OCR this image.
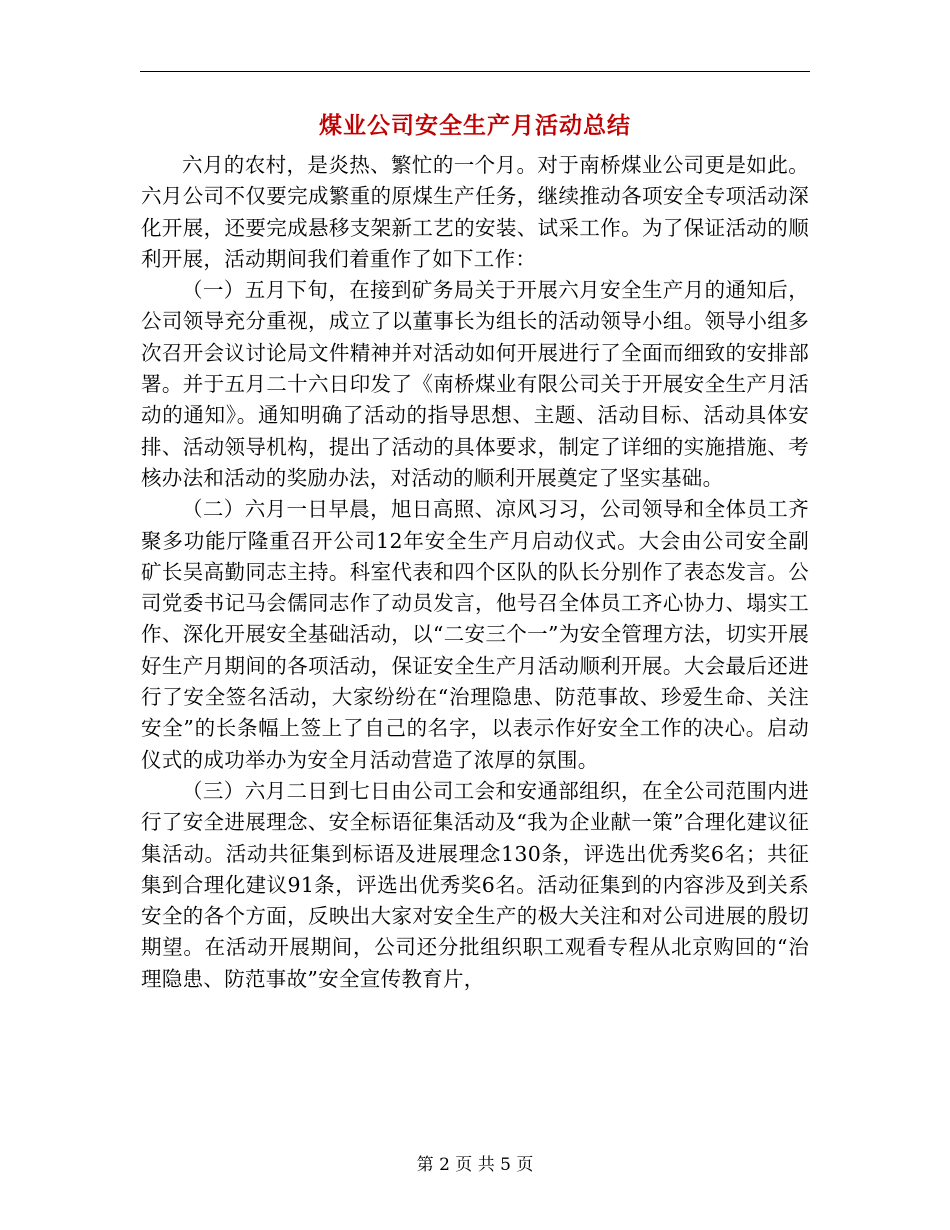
煤业公司安全生产月活动总结

六月的农村，是炎热、繁忙的一个月。对于南桥煤业公司更是如此。六月公司不仅要完成繁重的原煤生产任务，继续推动各项安全专项活动深化开展，还要完成悬移支架新工艺的安装、试采工作。为了保证活动的顺利开展，活动期间我们着重作了如下工作：

（一）五月下旬，在接到矿务局关于开展六月安全生产月的通知后，公司领导充分重视，成立了以董事长为组长的活动领导小组。领导小组多次召开会议讨论局文件精神并对活动如何开展进行了全面而细致的安排部署。并于五月二十六日印发了《南桥煤业有限公司关于开展安全生产月活动的通知》。通知明确了活动的指导思想、主题、活动目标、活动具体安排、活动领导机构，提出了活动的具体要求，制定了详细的实施措施、考核办法和活动的奖励办法，对活动的顺利开展奠定了坚实基础。

（二）六月一日早晨，旭日高照、凉风习习，公司领导和全体员工齐聚多功能厅隆重召开公司12年安全生产月启动仪式。大会由公司安全副矿长吴高勤同志主持。科室代表和四个区队的队长分别作了表态发言。公司党委书记马会儒同志作了动员发言，他号召全体员工齐心协力、塌实工作、深化开展安全基础活动，以“二安三个一”为安全管理方法，切实开展好生产月期间的各项活动，保证安全生产月活动顺利开展。大会最后还进行了安全签名活动，大家纷纷在“治理隐患、防范事故、珍爱生命、关注安全”的长条幅上签上了自己的名字，以表示作好安全工作的决心。启动仪式的成功举办为安全月活动营造了浓厚的氛围。

（三）六月二日到七日由公司工会和安通部组织，在全公司范围内进行了安全进展理念、安全标语征集活动及“我为企业献一策”合理化建议征集活动。活动共征集到标语及进展理念130条，评选出优秀奖6名；共征集到合理化建议91条，评选出优秀奖6名。活动征集到的内容涉及到关系安全的各个方面，反映出大家对安全生产的极大关注和对公司进展的殷切期望。在活动开展期间，公司还分批组织职工观看专程从北京购回的“治理隐患、防范事故”安全宣传教育片，

第 2 页 共 5 页
